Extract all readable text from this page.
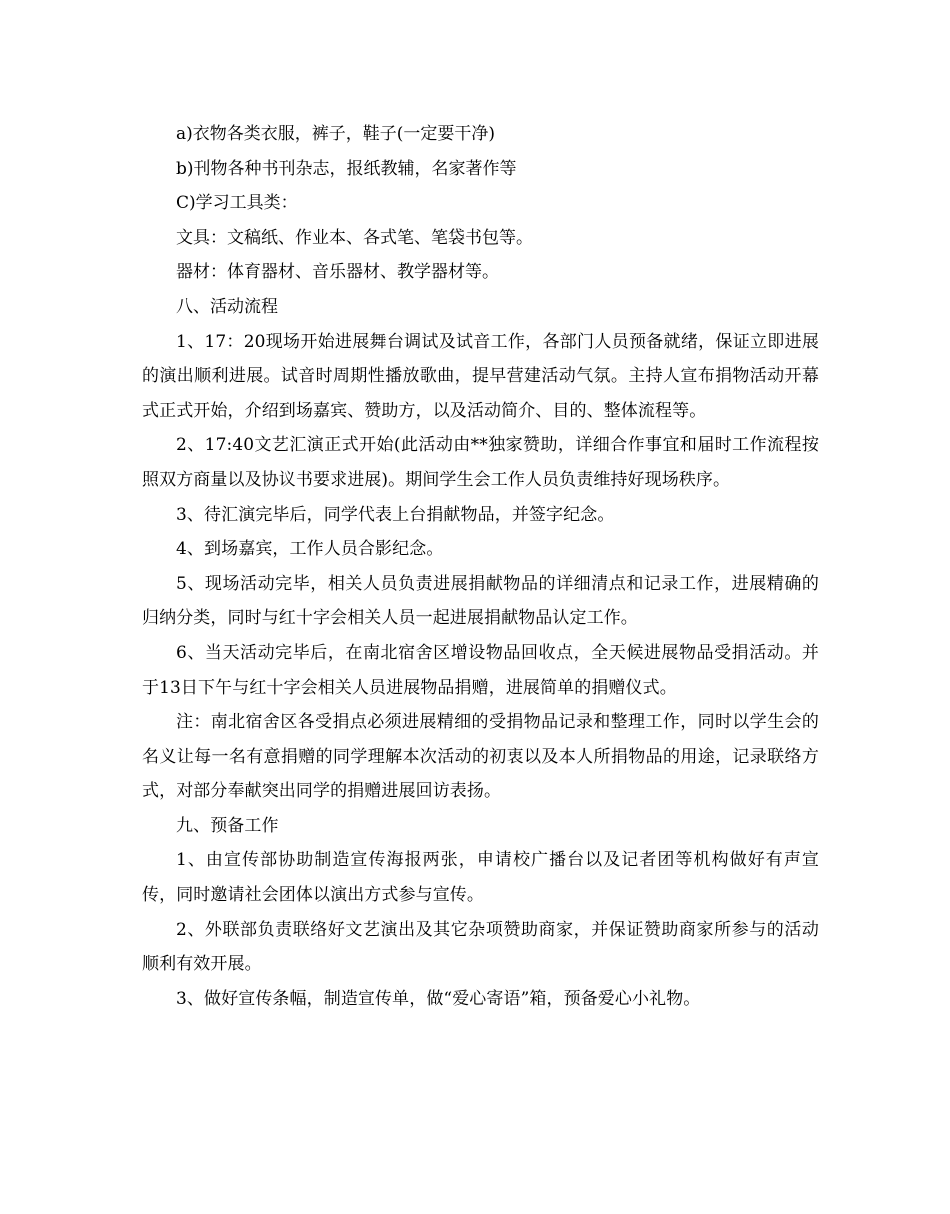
a)衣物各类衣服，裤子，鞋子(一定要干净)

b)刊物各种书刊杂志，报纸教辅，名家著作等

C)学习工具类：

文具：文稿纸、作业本、各式笔、笔袋书包等。

器材：体育器材、音乐器材、教学器材等。

八、活动流程

1、17：20现场开始进展舞台调试及试音工作，各部门人员预备就绪，保证立即进展的演出顺利进展。试音时周期性播放歌曲，提早营建活动气氛。主持人宣布捐物活动开幕式正式开始，介绍到场嘉宾、赞助方，以及活动简介、目的、整体流程等。

2、17:40文艺汇演正式开始(此活动由**独家赞助，详细合作事宜和届时工作流程按照双方商量以及协议书要求进展)。期间学生会工作人员负责维持好现场秩序。

3、待汇演完毕后，同学代表上台捐献物品，并签字纪念。

4、到场嘉宾，工作人员合影纪念。

5、现场活动完毕，相关人员负责进展捐献物品的详细清点和记录工作，进展精确的归纳分类，同时与红十字会相关人员一起进展捐献物品认定工作。

6、当天活动完毕后，在南北宿舍区增设物品回收点，全天候进展物品受捐活动。并于13日下午与红十字会相关人员进展物品捐赠，进展简单的捐赠仪式。

注：南北宿舍区各受捐点必须进展精细的受捐物品记录和整理工作，同时以学生会的名义让每一名有意捐赠的同学理解本次活动的初衷以及本人所捐物品的用途，记录联络方式，对部分奉献突出同学的捐赠进展回访表扬。

九、预备工作

1、由宣传部协助制造宣传海报两张，申请校广播台以及记者团等机构做好有声宣传，同时邀请社会团体以演出方式参与宣传。

2、外联部负责联络好文艺演出及其它杂项赞助商家，并保证赞助商家所参与的活动顺利有效开展。

3、做好宣传条幅，制造宣传单，做“爱心寄语”箱，预备爱心小礼物。
